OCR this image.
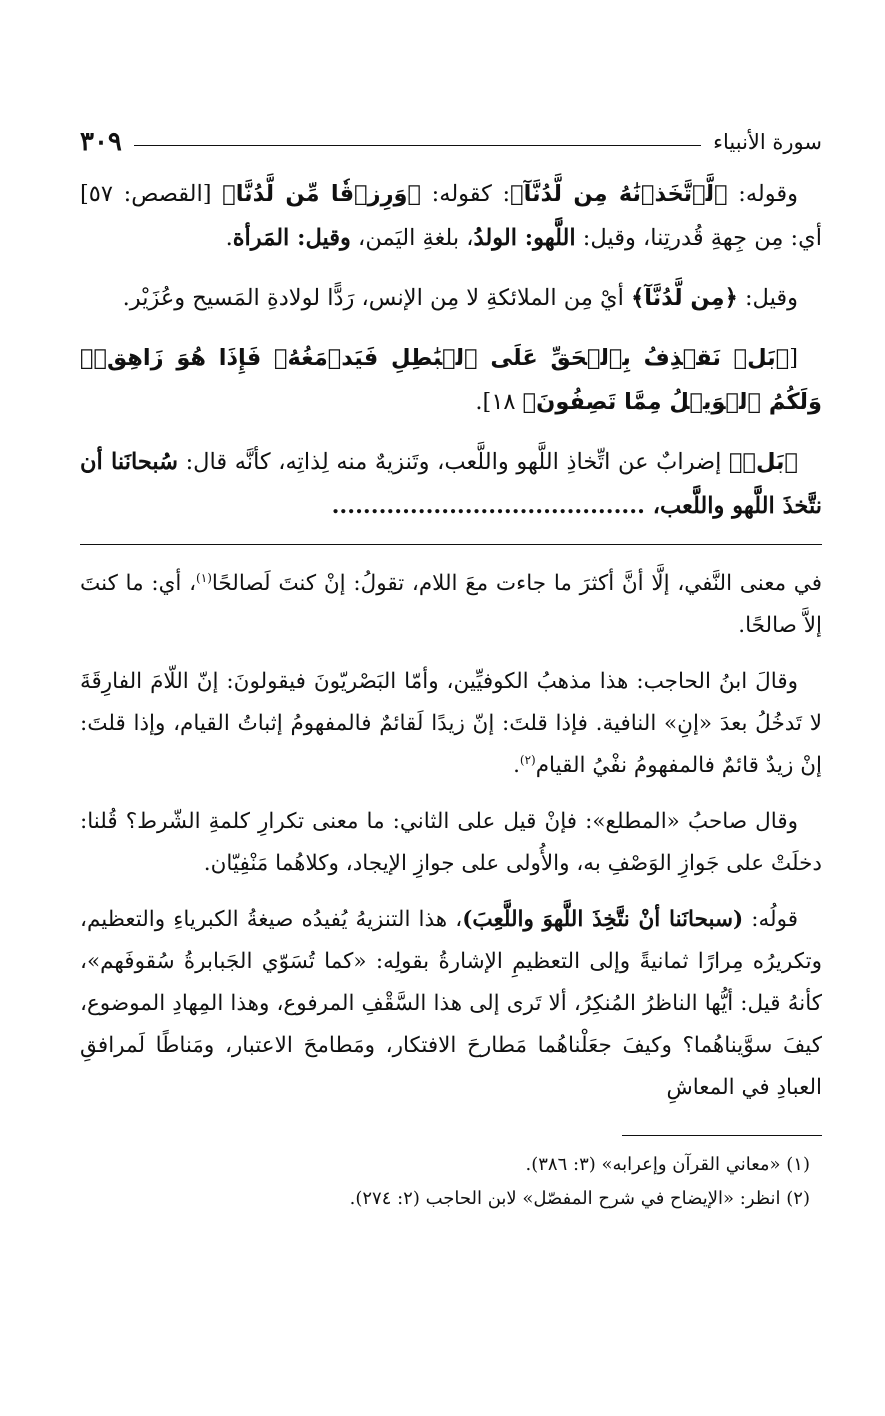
سورة الأنبياء
٣٠٩

وقوله: ﴿لَّٱتَّخَذۡنَٰهُ مِن لَّدُنَّآ﴾: كقوله: ﴿وَرِزۡقٗا مِّن لَّدُنَّا﴾ [القصص: ٥٧] أي: مِن جِهةِ قُدرتِنا، وقيل: اللَّهو: الولدُ، بلغةِ اليَمن، وقيل: المَرأة.

وقيل: ﴿مِن لَّدُنَّآ﴾ أيْ مِن الملائكةِ لا مِن الإنس، رَدًّا لولادةِ المَسيح وعُزَيْر.

[﴿بَلۡ نَقۡذِفُ بِٱلۡحَقِّ عَلَى ٱلۡبَٰطِلِ فَيَدۡمَغُهُۥ فَإِذَا هُوَ زَاهِقٞۚ وَلَكُمُ ٱلۡوَيۡلُ مِمَّا تَصِفُونَ﴾ ١٨].

﴿بَلۡ﴾ إضرابٌ عن اتِّخاذِ اللَّهو واللَّعب، وتَنزيهٌ منه لِذاتِه، كأنَّه قال: سُبحانَنا أن نتَّخذَ اللَّهو واللَّعب، ........................................

في معنى النَّفي، إلَّا أنَّ أكثرَ ما جاءت معَ اللام، تقولُ: إنْ كنتَ لَصالحًا$^{(١)}$، أي: ما كنتَ إلاَّ صالحًا.

وقالَ ابنُ الحاجب: هذا مذهبُ الكوفيِّين، وأمّا البَصْريّونَ فيقولونَ: إنّ اللّامَ الفارِقَةَ لا تَدخُلُ بعدَ «إنِ» النافية. فإذا قلتَ: إنّ زيدًا لَقائمٌ فالمفهومُ إثباتُ القيام، وإذا قلتَ: إنْ زيدٌ قائمٌ فالمفهومُ نفْيُ القيام$^{(٢)}$.

وقال صاحبُ «المطلع»: فإنْ قيل على الثاني: ما معنى تكرارِ كلمةِ الشّرط؟ قُلنا: دخلَتْ على جَوازِ الوَصْفِ به، والأُولى على جوازِ الإيجاد، وكلاهُما مَنْفِيّان.

قولُه: (سبحانَنا أنْ نتَّخِذَ اللَّهوَ واللَّعِبَ)، هذا التنزيهُ يُفيدُه صيغةُ الكبرياءِ والتعظيم، وتكريرُه مِرارًا ثمانيةً وإلى التعظيمِ الإشارةُ بقولِه: «كما تُسَوّي الجَبابرةُ سُقوفَهم»، كأنهُ قيل: أيُّها الناظرُ المُنكِرُ، ألا تَرى إلى هذا السَّقْفِ المرفوع، وهذا المِهادِ الموضوع، كيفَ سوَّيناهُما؟ وكيفَ جعَلْناهُما مَطارحَ الافتكار، ومَطامحَ الاعتبار، ومَناطًا لَمرافقِ العبادِ في المعاشِ

(١) «معاني القرآن وإعرابه» (٣: ٣٨٦).
(٢) انظر: «الإيضاح في شرح المفصّل» لابن الحاجب (٢: ٢٧٤).
